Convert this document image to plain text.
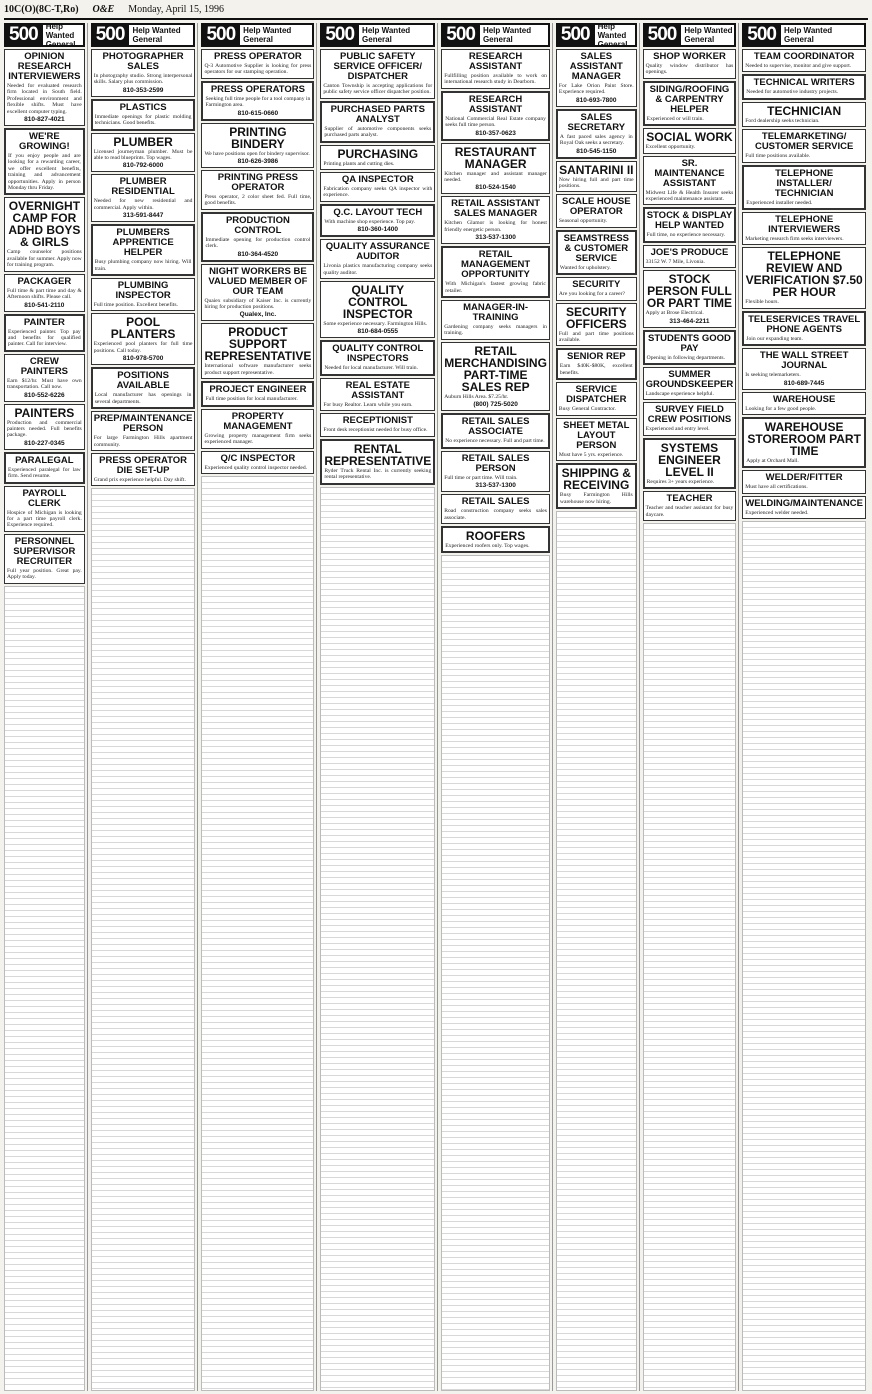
10C(O)(8C-T,Ro) O&E Monday, April 15, 1996
500	Help Wanted
General
OPINION RESEARCH INTERVIEWERS
Needed for evaluated research firm located in South field. Professional environment and flexible shifts. Must have excellent computer typing.
810-827-4021
WE'RE GROWING!
If you enjoy people and are looking for a rewarding career, we offer excellent benefits, training and advancement opportunities. Apply in person Monday thru Friday.
OVERNIGHT CAMP FOR ADHD BOYS & GIRLS
Camp counselor positions available for summer. Apply now for training program.
PACKAGER
Full time & part time and day & Afternoon shifts. Please call.
810-541-2110
PAINTER
Experienced painter. Top pay and benefits for qualified painter. Call for interview.
CREW PAINTERS
Earn $12/hr. Must have own transportation. Call now.
810-552-6226
PAINTERS
Production and commercial painters needed. Full benefits package.
810-227-0345
PARALEGAL
Experienced paralegal for law firm. Send resume.
PAYROLL CLERK
Hospice of Michigan is looking for a part time payroll clerk. Experience required.
PERSONNEL SUPERVISOR RECRUITER
Full year position. Great pay. Apply today.
500	Help Wanted
General
PHOTOGRAPHER SALES
In photography studio. Strong interpersonal skills. Salary plus commission.
810-353-2599
PLASTICS
Immediate openings for plastic molding technicians. Good benefits.
PLUMBER
Licensed journeyman plumber. Must be able to read blueprints. Top wages.
810-792-6000
PLUMBER RESIDENTIAL
Needed for new residential and commercial. Apply within.
313-591-8447
PLUMBERS APPRENTICE HELPER
Busy plumbing company now hiring. Will train.
PLUMBING INSPECTOR
Full time position. Excellent benefits.
POOL PLANTERS
Experienced pool planters for full time positions. Call today.
810-978-5700
POSITIONS AVAILABLE
Local manufacturer has openings in several departments.
PREP/MAINTENANCE PERSON
For large Farmington Hills apartment community.
PRESS OPERATOR DIE SET-UP
Grand prix experience helpful. Day shift.
500	Help Wanted
General
PRESS OPERATOR
Q-3 Automotive Supplier is looking for press operators for our stamping operation.
PRESS OPERATORS
Seeking full time people for a tool company in Farmington area.
810-615-0660
PRINTING BINDERY
We have positions open for bindery supervisor.
810-626-3986
PRINTING PRESS OPERATOR
Press operator, 2 color sheet fed. Full time, good benefits.
PRODUCTION CONTROL
Immediate opening for production control clerk.
810-364-4520
NIGHT WORKERS BE VALUED MEMBER OF OUR TEAM
Quaiex subsidiary of Kaiser Inc. is currently hiring for production positions.
Qualex, Inc.
PRODUCT SUPPORT REPRESENTATIVE
International software manufacturer seeks product support representative.
PROJECT ENGINEER
Full time position for local manufacturer.
PROPERTY MANAGEMENT
Growing property management firm seeks experienced manager.
Q/C INSPECTOR
Experienced quality control inspector needed.
500	Help Wanted
General
PUBLIC SAFETY SERVICE OFFICER/ DISPATCHER
Canton Township is accepting applications for public safety service officer dispatcher position.
PURCHASED PARTS ANALYST
Supplier of automotive components seeks purchased parts analyst.
PURCHASING
Printing plants and cutting dies.
QA INSPECTOR
Fabrication company seeks QA inspector with experience.
Q.C. LAYOUT TECH
With machine shop experience. Top pay.
810-360-1400
QUALITY ASSURANCE AUDITOR
Livonia plastics manufacturing company seeks quality auditor.
QUALITY CONTROL INSPECTOR
Some experience necessary. Farmington Hills.
810-684-0555
QUALITY CONTROL INSPECTORS
Needed for local manufacturer. Will train.
REAL ESTATE ASSISTANT
For busy Realtor. Learn while you earn.
RECEPTIONIST
Front desk receptionist needed for busy office.
RENTAL REPRESENTATIVE
Ryder Truck Rental Inc. is currently seeking rental representative.
500	Help Wanted
General
RESEARCH ASSISTANT
Fullfilling position available to work on international research study in Dearborn.
RESEARCH ASSISTANT
National Commercial Real Estate company seeks full time person.
810-357-0623
RESTAURANT MANAGER
Kitchen manager and assistant manager needed.
810-524-1540
RETAIL ASSISTANT SALES MANAGER
Kitchen Glamor is looking for honest friendly energetic person.
313-537-1300
RETAIL MANAGEMENT OPPORTUNITY
With Michigan's fastest growing fabric retailer.
MANAGER-IN-TRAINING
Gardening company seeks managers in training.
RETAIL MERCHANDISING PART-TIME SALES REP
Auburn Hills Area. $7.25/hr.
(800) 725-5020
RETAIL SALES ASSOCIATE
No experience necessary. Full and part time.
RETAIL SALES PERSON
Full time or part time. Will train.
313-537-1300
RETAIL SALES
Road construction company seeks sales associate.
ROOFERS
Experienced roofers only. Top wages.
500	Help Wanted
General
SALES ASSISTANT MANAGER
For Lake Orion Paint Store. Experience required.
810-693-7800
SALES SECRETARY
A fast paced sales agency in Royal Oak seeks a secretary.
810-545-1150
SANTARINI II
Now hiring full and part time positions.
SCALE HOUSE OPERATOR
Seasonal opportunity.
SEAMSTRESS & CUSTOMER SERVICE
Wanted for upholstery.
SECURITY
Are you looking for a career?
SECURITY OFFICERS
Full and part time positions available.
SENIOR REP
Earn $40K-$80K, excellent benefits.
SERVICE DISPATCHER
Busy General Contractor.
SHEET METAL LAYOUT PERSON
Must have 5 yrs. experience.
SHIPPING & RECEIVING
Busy Farmington Hills warehouse now hiring.
500	Help Wanted
General
SHOP WORKER
Quality window distributor has openings.
SIDING/ROOFING & CARPENTRY HELPER
Experienced or will train.
SOCIAL WORK
Excellent opportunity.
SR. MAINTENANCE ASSISTANT
Midwest Life & Health Insurer seeks experienced maintenance assistant.
STOCK & DISPLAY HELP WANTED
Full time, no experience necessary.
JOE'S PRODUCE
33152 W. 7 Mile, Livonia.
STOCK PERSON FULL OR PART TIME
Apply at Brose Electrical.
313-464-2211
STUDENTS GOOD PAY
Opening in following departments.
SUMMER GROUNDSKEEPER
Landscape experience helpful.
SURVEY FIELD CREW POSITIONS
Experienced and entry level.
SYSTEMS ENGINEER LEVEL II
Requires 3+ years experience.
TEACHER
Teacher and teacher assistant for busy daycare.
500	Help Wanted
General
TEAM COORDINATOR
Needed to supervise, monitor and give support.
TECHNICAL WRITERS
Needed for automotive industry projects.
TECHNICIAN
Ford dealership seeks technician.
TELEMARKETING/ CUSTOMER SERVICE
Full time positions available.
TELEPHONE INSTALLER/ TECHNICIAN
Experienced installer needed.
TELEPHONE INTERVIEWERS
Marketing research firm seeks interviewers.
TELEPHONE REVIEW AND VERIFICATION $7.50 PER HOUR
Flexible hours.
TELESERVICES TRAVEL PHONE AGENTS
Join our expanding team.
THE WALL STREET JOURNAL
Is seeking telemarketers.
810-689-7445
WAREHOUSE
Looking for a few good people.
WAREHOUSE STOREROOM PART TIME
Apply at Orchard Mall.
WELDER/FITTER
Must have all certifications.
WELDING/MAINTENANCE
Experienced welder needed.
